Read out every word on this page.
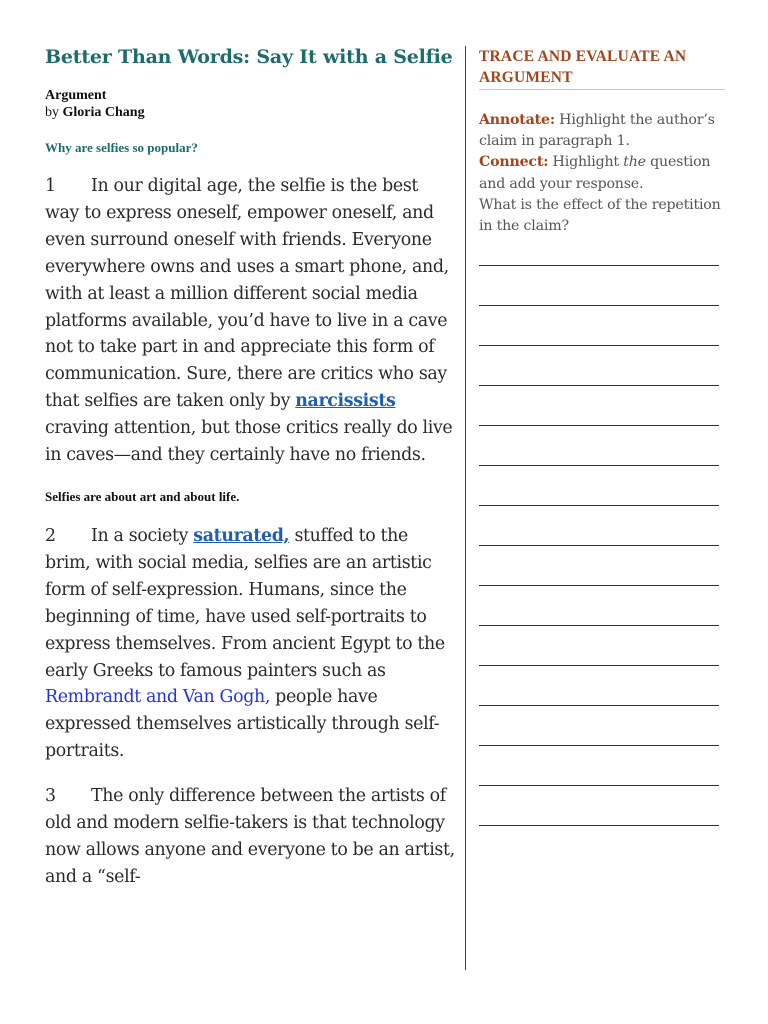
Better Than Words: Say It with a Selfie
Argument
by Gloria Chang
Why are selfies so popular?

1 In our digital age, the selfie is the best way to express oneself, empower oneself, and even surround oneself with friends. Everyone everywhere owns and uses a smart phone, and, with at least a million different social media platforms available, you’d have to live in a cave not to take part in and appreciate this form of communication. Sure, there are critics who say that selfies are taken only by narcissists craving attention, but those critics really do live in caves—and they certainly have no friends.

Selfies are about art and about life.

2 In a society saturated, stuffed to the brim, with social media, selfies are an artistic form of self-expression. Humans, since the beginning of time, have used self-portraits to express themselves. From ancient Egypt to the early Greeks to famous painters such as Rembrandt and Van Gogh, people have expressed themselves artistically through self-portraits.

3 The only difference between the artists of old and modern selfie-takers is that technology now allows anyone and everyone to be an artist, and a “self-

TRACE AND EVALUATE AN ARGUMENT
Annotate: Highlight the author’s claim in paragraph 1.
Connect: Highlight the question and add your response.
What is the effect of the repetition in the claim?
